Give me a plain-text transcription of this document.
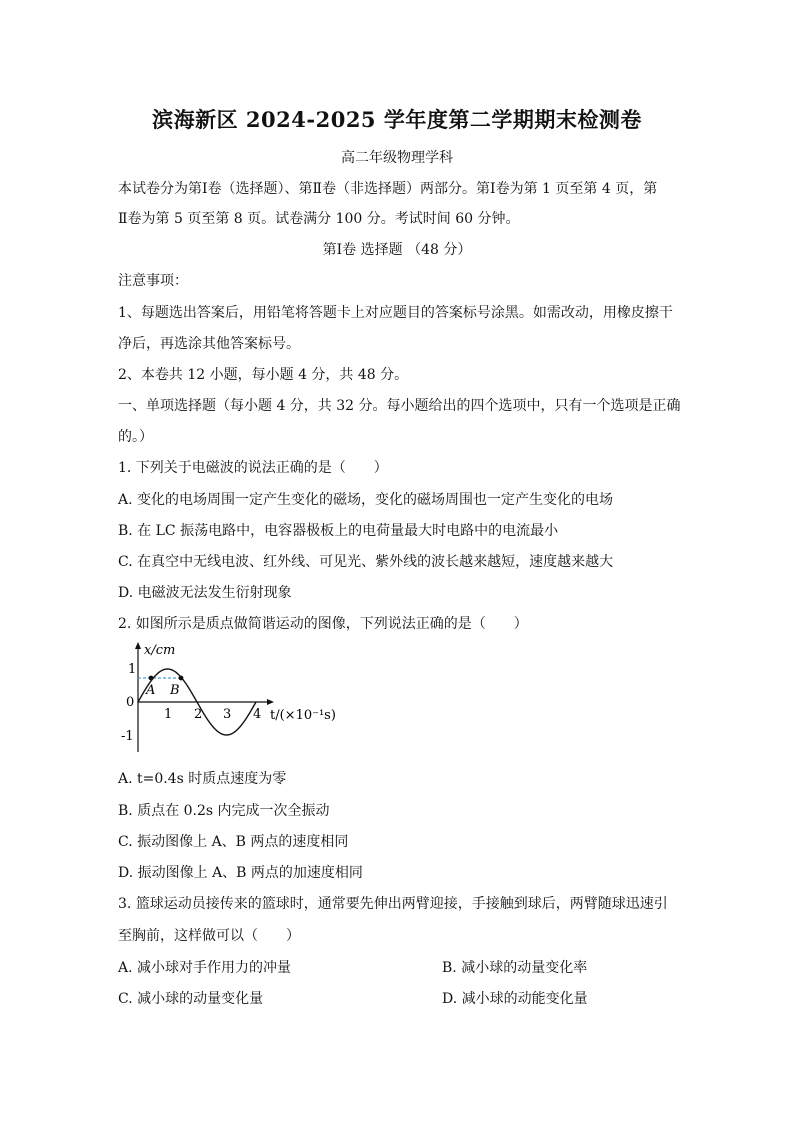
滨海新区 2024-2025 学年度第二学期期末检测卷
高二年级物理学科
本试卷分为第Ⅰ卷（选择题）、第Ⅱ卷（非选择题）两部分。第Ⅰ卷为第 1 页至第 4 页，第
Ⅱ卷为第 5 页至第 8 页。试卷满分 100 分。考试时间 60 分钟。
第Ⅰ卷 选择题 （48 分）
注意事项：
1、每题选出答案后，用铅笔将答题卡上对应题目的答案标号涂黑。如需改动，用橡皮擦干
净后，再选涂其他答案标号。
2、本卷共 12 小题，每小题 4 分，共 48 分。
一、单项选择题（每小题 4 分，共 32 分。每小题给出的四个选项中，只有一个选项是正确
的。）
1. 下列关于电磁波的说法正确的是（　　）
A. 变化的电场周围一定产生变化的磁场，变化的磁场周围也一定产生变化的电场
B. 在 LC 振荡电路中，电容器极板上的电荷量最大时电路中的电流最小
C. 在真空中无线电波、红外线、可见光、紫外线的波长越来越短，速度越来越大
D. 电磁波无法发生衍射现象
2. 如图所示是质点做简谐运动的图像，下列说法正确的是（　　）
x/cm
t/(×10⁻¹s)
1
0
-1
1 2 3 4
A B
A. t=0.4s 时质点速度为零
B. 质点在 0.2s 内完成一次全振动
C. 振动图像上 A、B 两点的速度相同
D. 振动图像上 A、B 两点的加速度相同
3. 篮球运动员接传来的篮球时，通常要先伸出两臂迎接，手接触到球后，两臂随球迅速引
至胸前，这样做可以（　　）
A. 减小球对手作用力的冲量	B. 减小球的动量变化率
C. 减小球的动量变化量	D. 减小球的动能变化量
